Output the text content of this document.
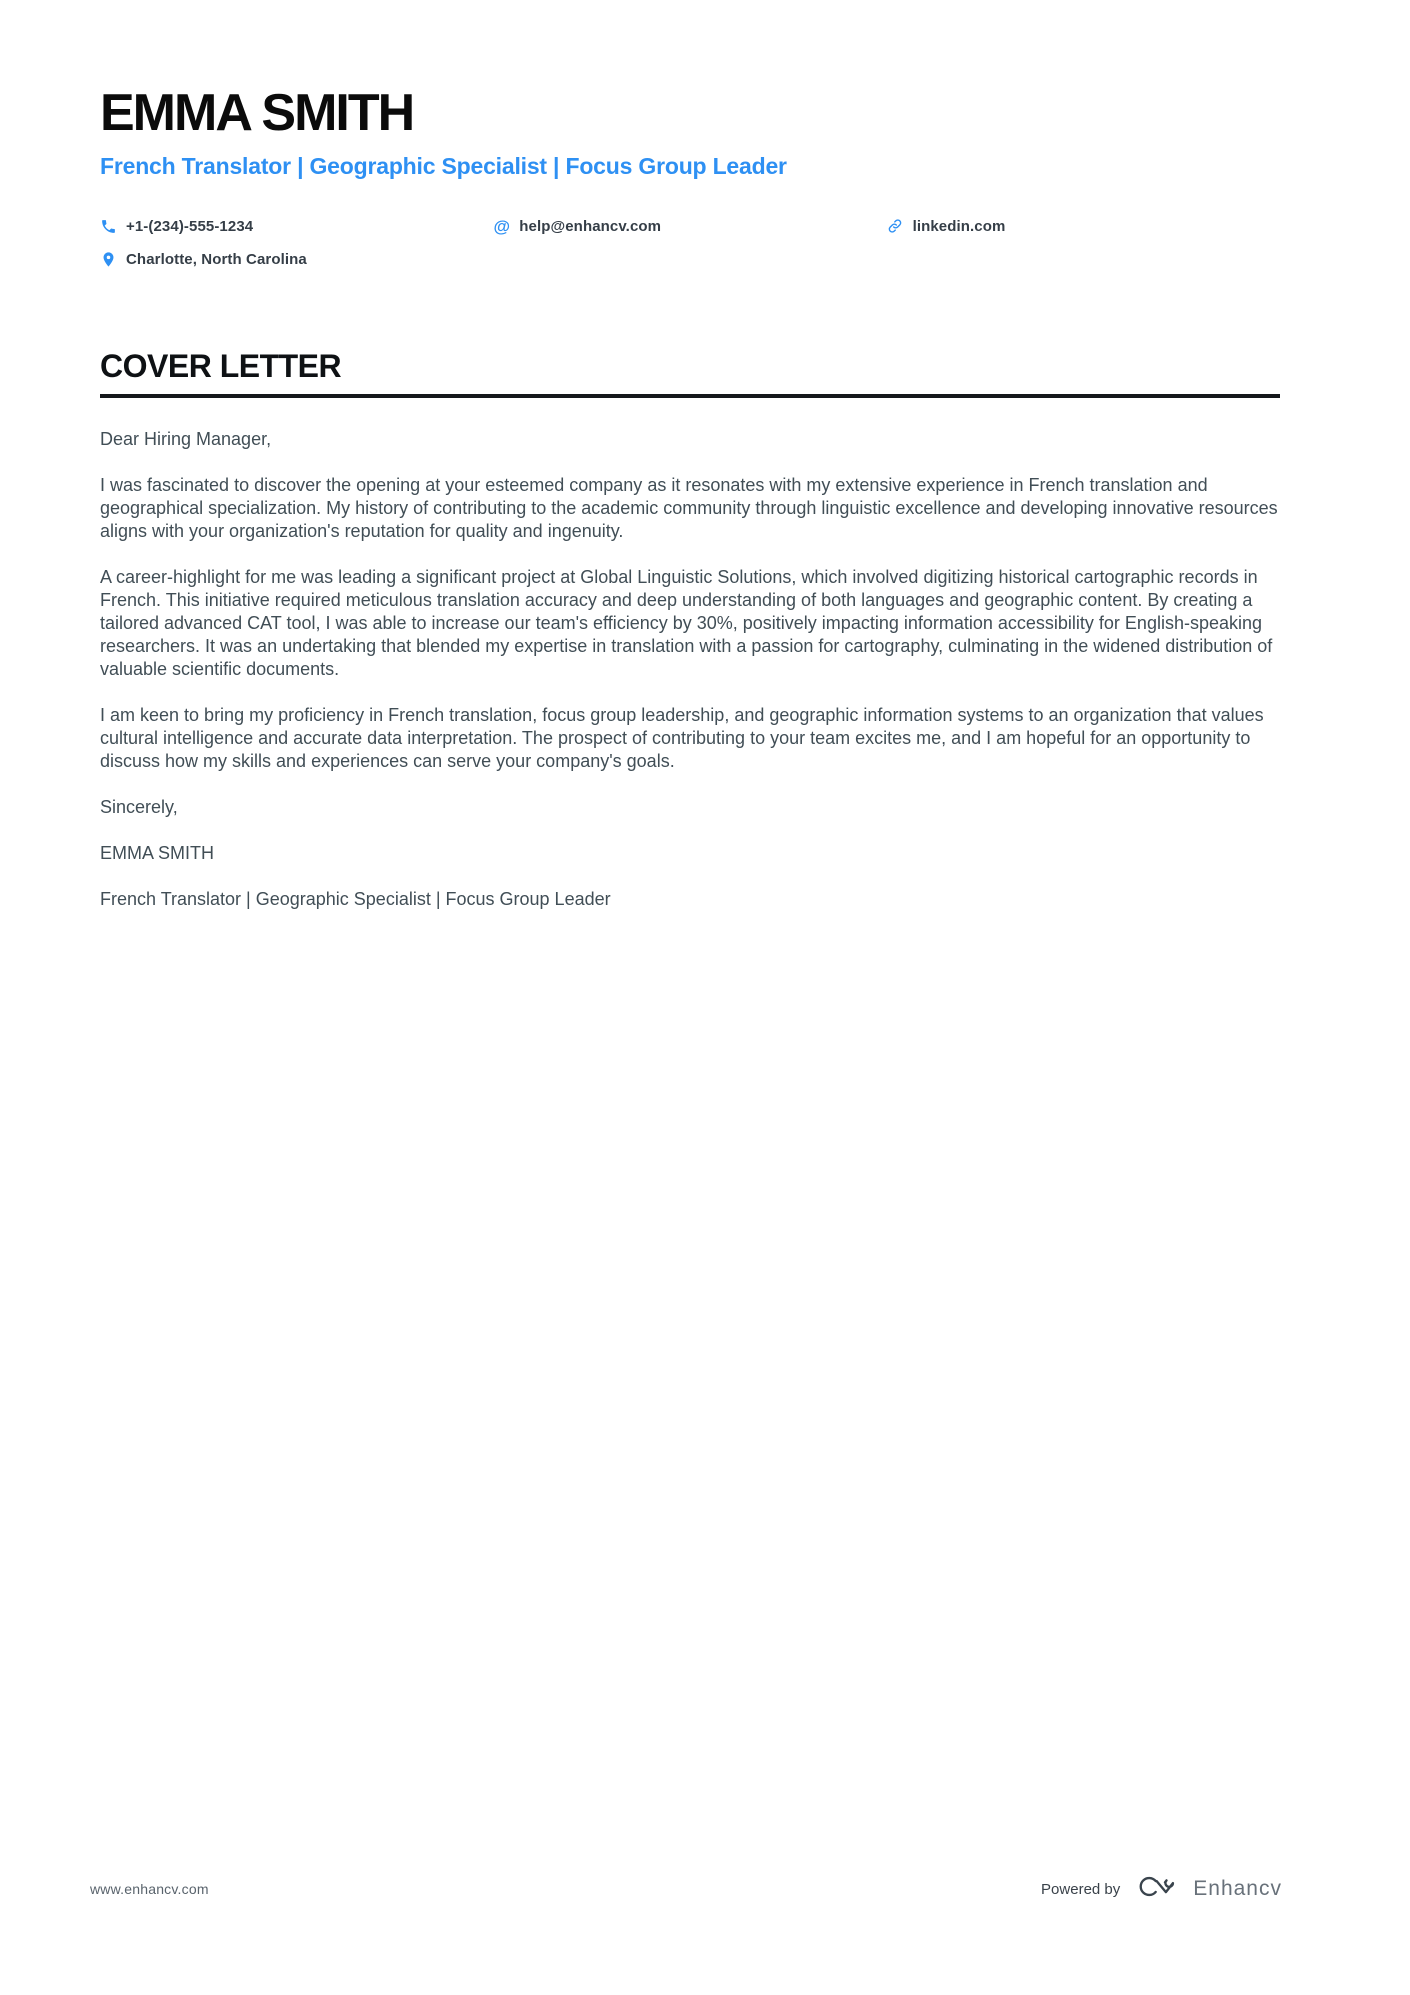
EMMA SMITH
French Translator | Geographic Specialist | Focus Group Leader
+1-(234)-555-1234	@ help@enhancv.com	linkedin.com
Charlotte, North Carolina
COVER LETTER

Dear Hiring Manager,

I was fascinated to discover the opening at your esteemed company as it resonates with my extensive experience in French translation and geographical specialization. My history of contributing to the academic community through linguistic excellence and developing innovative resources aligns with your organization's reputation for quality and ingenuity.

A career-highlight for me was leading a significant project at Global Linguistic Solutions, which involved digitizing historical cartographic records in French. This initiative required meticulous translation accuracy and deep understanding of both languages and geographic content. By creating a tailored advanced CAT tool, I was able to increase our team's efficiency by 30%, positively impacting information accessibility for English-speaking researchers. It was an undertaking that blended my expertise in translation with a passion for cartography, culminating in the widened distribution of valuable scientific documents.

I am keen to bring my proficiency in French translation, focus group leadership, and geographic information systems to an organization that values cultural intelligence and accurate data interpretation. The prospect of contributing to your team excites me, and I am hopeful for an opportunity to discuss how my skills and experiences can serve your company's goals.

Sincerely,

EMMA SMITH

French Translator | Geographic Specialist | Focus Group Leader

www.enhancv.com	Powered by	Enhancv
